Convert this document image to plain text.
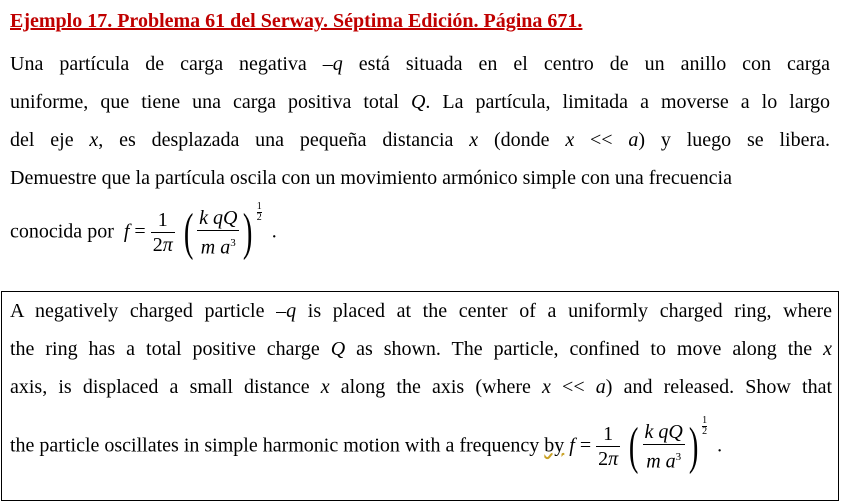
Ejemplo 17. Problema 61 del Serway. Séptima Edición. Página 671.
Una partícula de carga negativa –q está situada en el centro de un anillo con carga
uniforme, que tiene una carga positiva total Q. La partícula, limitada a moverse a lo largo
del eje x, es desplazada una pequeña distancia x (donde x << a) y luego se libera.
Demuestre que la partícula oscila con un movimiento armónico simple con una frecuencia
conocida por $f = \frac{1}{2\pi}$ ( $\frac{\text{k qQ}}{m a^3}$ ) $\frac{1}{2}$
.
A negatively charged particle –q is placed at the center of a uniformly charged ring, where
the ring has a total positive charge Q as shown. The particle, confined to move along the x
axis, is displaced a small distance x along the axis (where x << a) and released. Show that
the particle oscillates in simple harmonic motion with a frequency by $f = \frac{1}{2\pi}$ ( $\frac{\text{k qQ}}{m a^3}$ ) $\frac{1}{2}$
.
